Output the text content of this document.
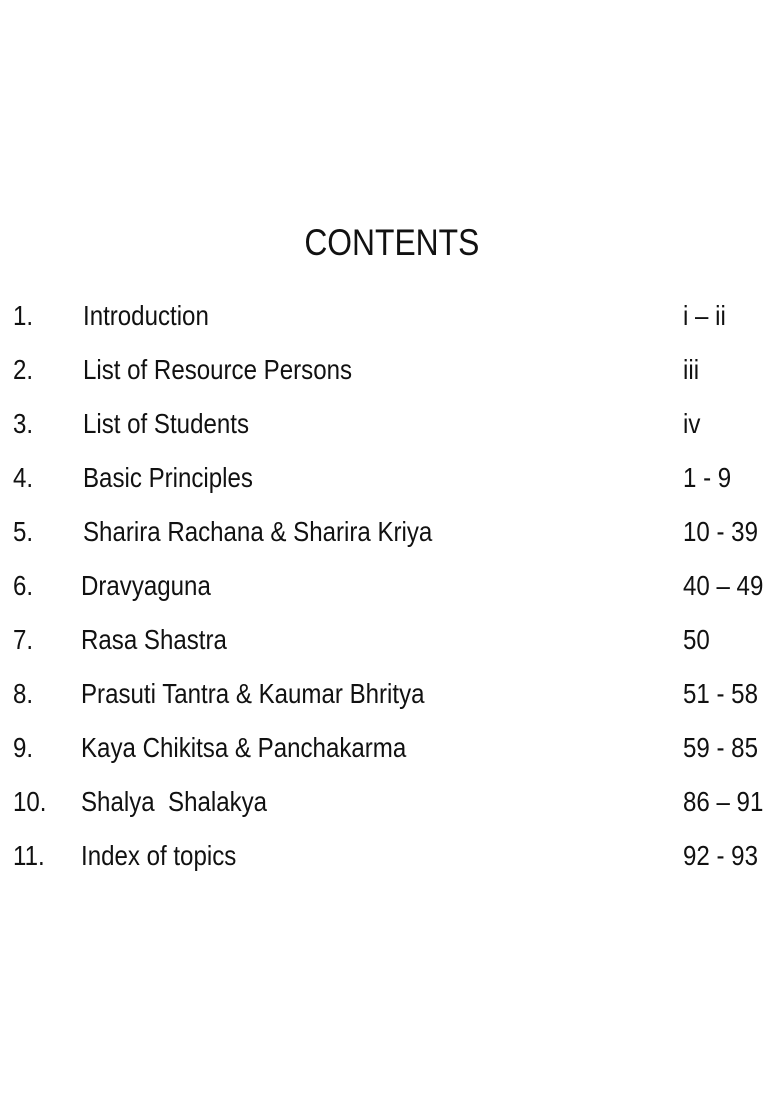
CONTENTS
1. Introduction	i – ii
2. List of Resource Persons	iii
3. List of Students	iv
4. Basic Principles	1 - 9
5. Sharira Rachana & Sharira Kriya	10 - 39
6. Dravyaguna	40 – 49
7. Rasa Shastra	50
8. Prasuti Tantra & Kaumar Bhritya	51 - 58
9. Kaya Chikitsa & Panchakarma	59 - 85
10. Shalya  Shalakya	86 – 91
11. Index of topics	92 - 93
